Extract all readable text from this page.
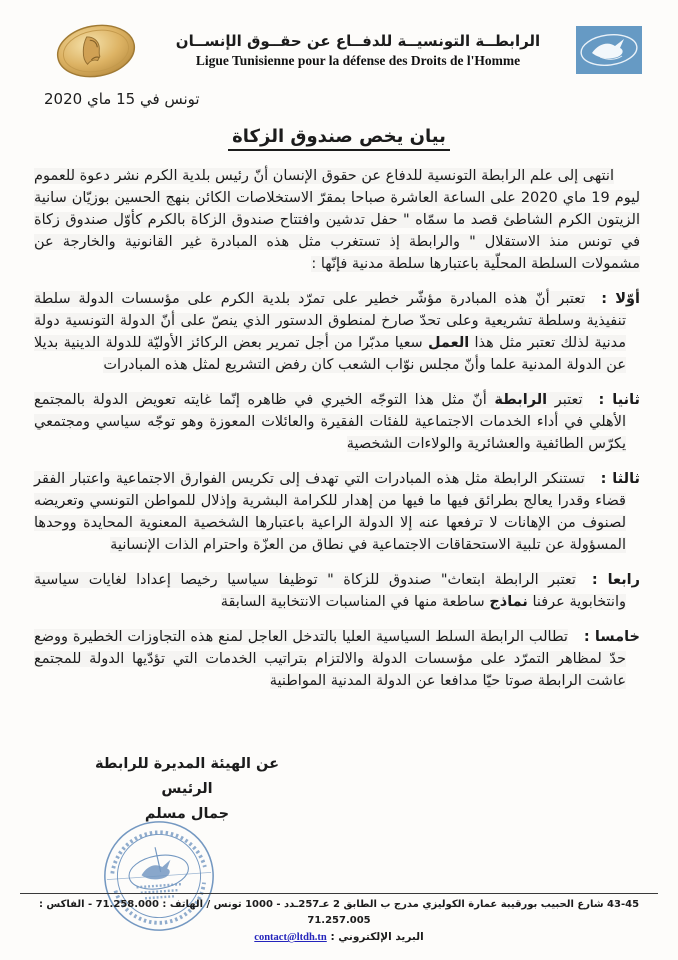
الرابطــة التونسيــة للدفــاع عن حقــوق الإنســان
Ligue Tunisienne pour la défense des Droits de l'Homme
تونس في 15 ماي 2020
بيان يخص صندوق الزكاة

انتهى إلى علم الرابطة التونسية للدفاع عن حقوق الإنسان أنّ رئيس بلدية الكرم نشر دعوة للعموم ليوم 19 ماي 2020 على الساعة العاشرة صباحا بمقرّ الاستخلاصات الكائن بنهج الحسين بوزيّان سانية الزيتون الكرم الشاطئ قصد ما سمّاه " حفل تدشين وافتتاح صندوق الزكاة بالكرم كأوّل صندوق زكاة في تونس منذ الاستقلال " والرابطة إذ تستغرب مثل هذه المبادرة غير القانونية والخارجة عن مشمولات السلطة المحلّية باعتبارها سلطة مدنية فإنّها :

أوّلا :تعتبر أنّ هذه المبادرة مؤشّر خطير على تمرّد بلدية الكرم على مؤسسات الدولة سلطة تنفيذية وسلطة تشريعية وعلى تحدّ صارخ لمنطوق الدستور الذي ينصّ على أنّ الدولة التونسية دولة مدنية لذلك تعتبر مثل هذا العمل سعيا مدبّرا من أجل تمرير بعض الركائز الأوليّة للدولة الدينية بديلا عن الدولة المدنية علما وأنّ مجلس نوّاب الشعب كان رفض التشريع لمثل هذه المبادرات

ثانيا :تعتبر الرابطة أنّ مثل هذا التوجّه الخيري في ظاهره إنّما غايته تعويض الدولة بالمجتمع الأهلي في أداء الخدمات الاجتماعية للفئات الفقيرة والعائلات المعوزة وهو توجّه سياسي ومجتمعي يكرّس الطائفية والعشائرية والولاءات الشخصية

ثالثا :تستنكر الرابطة مثل هذه المبادرات التي تهدف إلى تكريس الفوارق الاجتماعية واعتبار الفقر قضاء وقدرا يعالج بطرائق فيها ما فيها من إهدار للكرامة البشرية وإذلال للمواطن التونسي وتعريضه لصنوف من الإهانات لا ترفعها عنه إلا الدولة الراعية باعتبارها الشخصية المعنوية المحايدة ووحدها المسؤولة عن تلبية الاستحقاقات الاجتماعية في نطاق من العزّة واحترام الذات الإنسانية

رابعا :تعتبر الرابطة ابتعاث" صندوق للزكاة " توظيفا سياسيا رخيصا إعدادا لغايات سياسية وانتخابوية عرفنا نماذج ساطعة منها في المناسبات الانتخابية السابقة

خامسا :تطالب الرابطة السلط السياسية العليا بالتدخل العاجل لمنع هذه التجاوزات الخطيرة ووضع حدّ لمظاهر التمرّد على مؤسسات الدولة والالتزام بتراتيب الخدمات التي تؤدّيها الدولة للمجتمع عاشت الرابطة صوتا حيّا مدافعا عن الدولة المدنية المواطنية

عن الهيئة المديرة للرابطة
الرئيس
جمال مسلم
43-45 شارع الحبيب بورقيبة عمارة الكوليزي مدرج ب الطابق 2 عـ257ـدد - 1000 تونس / الهاتف : 71.258.000 - الفاكس : 71.257.005
البريد الإلكتروني : contact@ltdh.tn
